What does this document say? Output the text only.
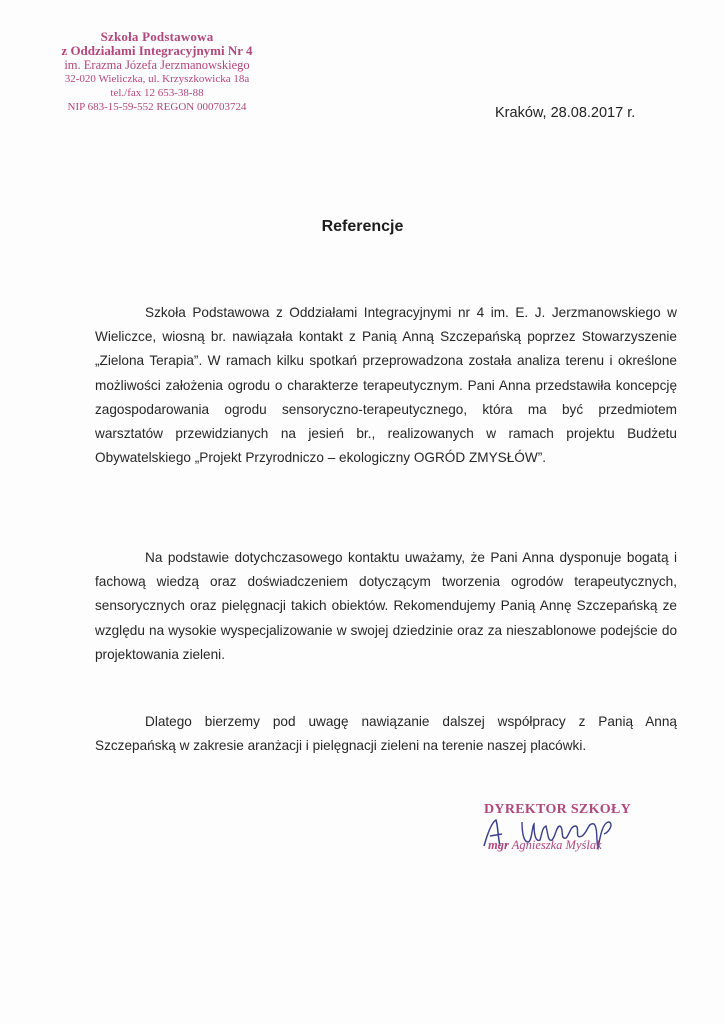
Szkoła Podstawowa
z Oddziałami Integracyjnymi Nr 4
im. Erazma Józefa Jerzmanowskiego
32-020 Wieliczka, ul. Krzyszkowicka 18a
tel./fax 12 653-38-88
NIP 683-15-59-552 REGON 000703724	Kraków, 28.08.2017 r.
Referencje

Szkoła Podstawowa z Oddziałami Integracyjnymi nr 4 im. E. J. Jerzmanowskiego w Wieliczce, wiosną br. nawiązała kontakt z Panią Anną Szczepańską poprzez Stowarzyszenie „Zielona Terapia”. W ramach kilku spotkań przeprowadzona została analiza terenu i określone możliwości założenia ogrodu o charakterze terapeutycznym. Pani Anna przedstawiła koncepcję zagospodarowania ogrodu sensoryczno-terapeutycznego, która ma być przedmiotem warsztatów przewidzianych na jesień br., realizowanych w ramach projektu Budżetu Obywatelskiego „Projekt Przyrodniczo – ekologiczny OGRÓD ZMYSŁÓW”.

Na podstawie dotychczasowego kontaktu uważamy, że Pani Anna dysponuje bogatą i fachową wiedzą oraz doświadczeniem dotyczącym tworzenia ogrodów terapeutycznych, sensorycznych oraz pielęgnacji takich obiektów. Rekomendujemy Panią Annę Szczepańską ze względu na wysokie wyspecjalizowanie w swojej dziedzinie oraz za nieszablonowe podejście do projektowania zieleni.

Dlatego bierzemy pod uwagę nawiązanie dalszej współpracy z Panią Anną Szczepańską w zakresie aranżacji i pielęgnacji zieleni na terenie naszej placówki.

DYREKTOR SZKOŁY
mgr Agnieszka Myślak
